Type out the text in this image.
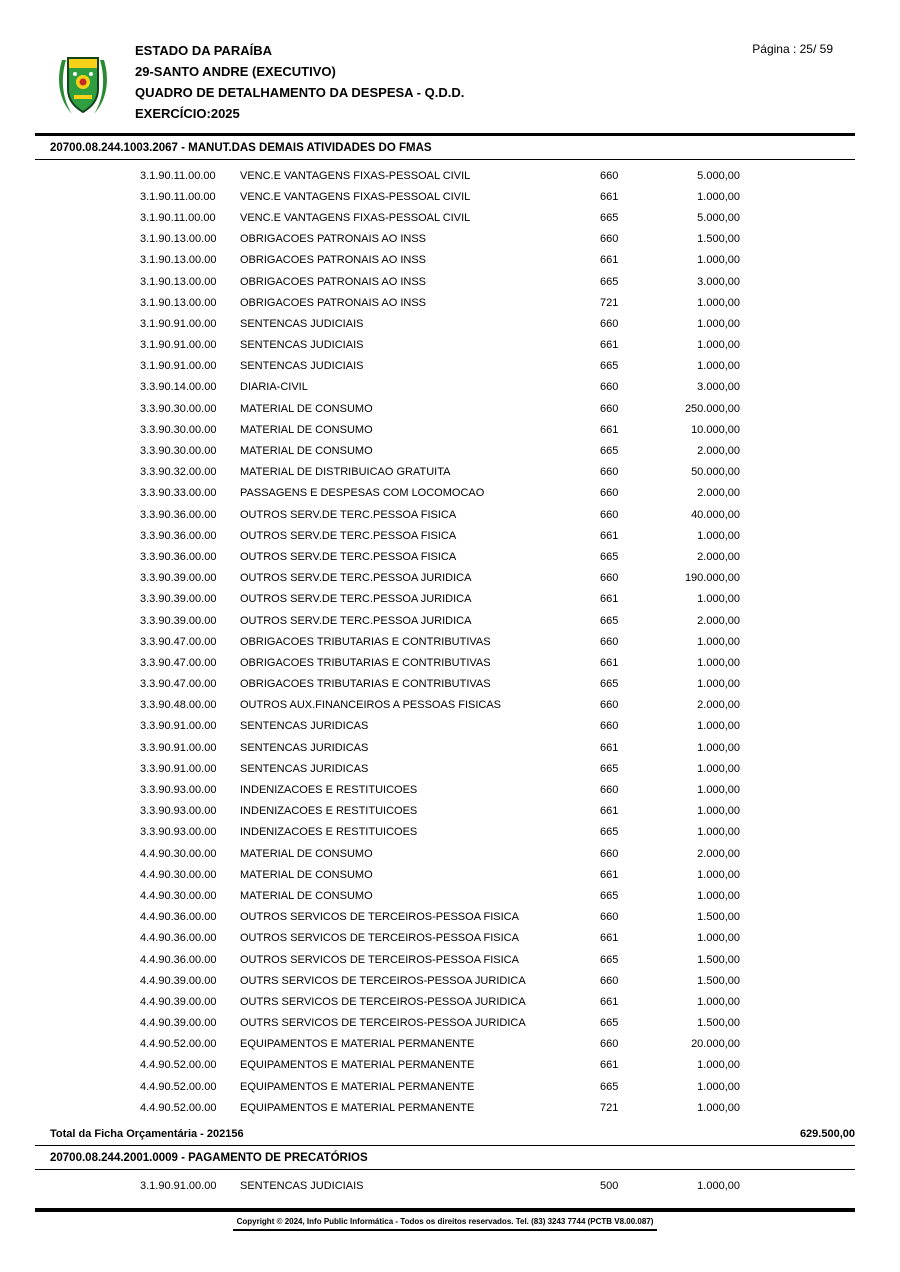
ESTADO DA PARAÍBA
29-SANTO ANDRE (EXECUTIVO)
QUADRO DE DETALHAMENTO DA DESPESA - Q.D.D.
EXERCÍCIO:2025
Página : 25/ 59
20700.08.244.1003.2067 - MANUT.DAS DEMAIS ATIVIDADES DO FMAS
3.1.90.11.00.00	VENC.E VANTAGENS FIXAS-PESSOAL CIVIL	660	5.000,00
3.1.90.11.00.00	VENC.E VANTAGENS FIXAS-PESSOAL CIVIL	661	1.000,00
3.1.90.11.00.00	VENC.E VANTAGENS FIXAS-PESSOAL CIVIL	665	5.000,00
3.1.90.13.00.00	OBRIGACOES PATRONAIS AO INSS	660	1.500,00
3.1.90.13.00.00	OBRIGACOES PATRONAIS AO INSS	661	1.000,00
3.1.90.13.00.00	OBRIGACOES PATRONAIS AO INSS	665	3.000,00
3.1.90.13.00.00	OBRIGACOES PATRONAIS AO INSS	721	1.000,00
3.1.90.91.00.00	SENTENCAS JUDICIAIS	660	1.000,00
3.1.90.91.00.00	SENTENCAS JUDICIAIS	661	1.000,00
3.1.90.91.00.00	SENTENCAS JUDICIAIS	665	1.000,00
3.3.90.14.00.00	DIARIA-CIVIL	660	3.000,00
3.3.90.30.00.00	MATERIAL DE CONSUMO	660	250.000,00
3.3.90.30.00.00	MATERIAL DE CONSUMO	661	10.000,00
3.3.90.30.00.00	MATERIAL DE CONSUMO	665	2.000,00
3.3.90.32.00.00	MATERIAL DE DISTRIBUICAO GRATUITA	660	50.000,00
3.3.90.33.00.00	PASSAGENS E DESPESAS COM LOCOMOCAO	660	2.000,00
3.3.90.36.00.00	OUTROS SERV.DE TERC.PESSOA FISICA	660	40.000,00
3.3.90.36.00.00	OUTROS SERV.DE TERC.PESSOA FISICA	661	1.000,00
3.3.90.36.00.00	OUTROS SERV.DE TERC.PESSOA FISICA	665	2.000,00
3.3.90.39.00.00	OUTROS SERV.DE TERC.PESSOA JURIDICA	660	190.000,00
3.3.90.39.00.00	OUTROS SERV.DE TERC.PESSOA JURIDICA	661	1.000,00
3.3.90.39.00.00	OUTROS SERV.DE TERC.PESSOA JURIDICA	665	2.000,00
3.3.90.47.00.00	OBRIGACOES TRIBUTARIAS E CONTRIBUTIVAS	660	1.000,00
3.3.90.47.00.00	OBRIGACOES TRIBUTARIAS E CONTRIBUTIVAS	661	1.000,00
3.3.90.47.00.00	OBRIGACOES TRIBUTARIAS E CONTRIBUTIVAS	665	1.000,00
3.3.90.48.00.00	OUTROS AUX.FINANCEIROS A PESSOAS FISICAS	660	2.000,00
3.3.90.91.00.00	SENTENCAS JURIDICAS	660	1.000,00
3.3.90.91.00.00	SENTENCAS JURIDICAS	661	1.000,00
3.3.90.91.00.00	SENTENCAS JURIDICAS	665	1.000,00
3.3.90.93.00.00	INDENIZACOES E RESTITUICOES	660	1.000,00
3.3.90.93.00.00	INDENIZACOES E RESTITUICOES	661	1.000,00
3.3.90.93.00.00	INDENIZACOES E RESTITUICOES	665	1.000,00
4.4.90.30.00.00	MATERIAL DE CONSUMO	660	2.000,00
4.4.90.30.00.00	MATERIAL DE CONSUMO	661	1.000,00
4.4.90.30.00.00	MATERIAL DE CONSUMO	665	1.000,00
4.4.90.36.00.00	OUTROS SERVICOS DE TERCEIROS-PESSOA FISICA	660	1.500,00
4.4.90.36.00.00	OUTROS SERVICOS DE TERCEIROS-PESSOA FISICA	661	1.000,00
4.4.90.36.00.00	OUTROS SERVICOS DE TERCEIROS-PESSOA FISICA	665	1.500,00
4.4.90.39.00.00	OUTRS SERVICOS DE TERCEIROS-PESSOA JURIDICA	660	1.500,00
4.4.90.39.00.00	OUTRS SERVICOS DE TERCEIROS-PESSOA JURIDICA	661	1.000,00
4.4.90.39.00.00	OUTRS SERVICOS DE TERCEIROS-PESSOA JURIDICA	665	1.500,00
4.4.90.52.00.00	EQUIPAMENTOS E MATERIAL PERMANENTE	660	20.000,00
4.4.90.52.00.00	EQUIPAMENTOS E MATERIAL PERMANENTE	661	1.000,00
4.4.90.52.00.00	EQUIPAMENTOS E MATERIAL PERMANENTE	665	1.000,00
4.4.90.52.00.00	EQUIPAMENTOS E MATERIAL PERMANENTE	721	1.000,00
Total da Ficha Orçamentária - 202156	629.500,00
20700.08.244.2001.0009 - PAGAMENTO DE PRECATÓRIOS
3.1.90.91.00.00	SENTENCAS JUDICIAIS	500	1.000,00
Copyright © 2024, Info Public Informática - Todos os direitos reservados. Tel. (83) 3243 7744 (PCTB V8.00.087)
